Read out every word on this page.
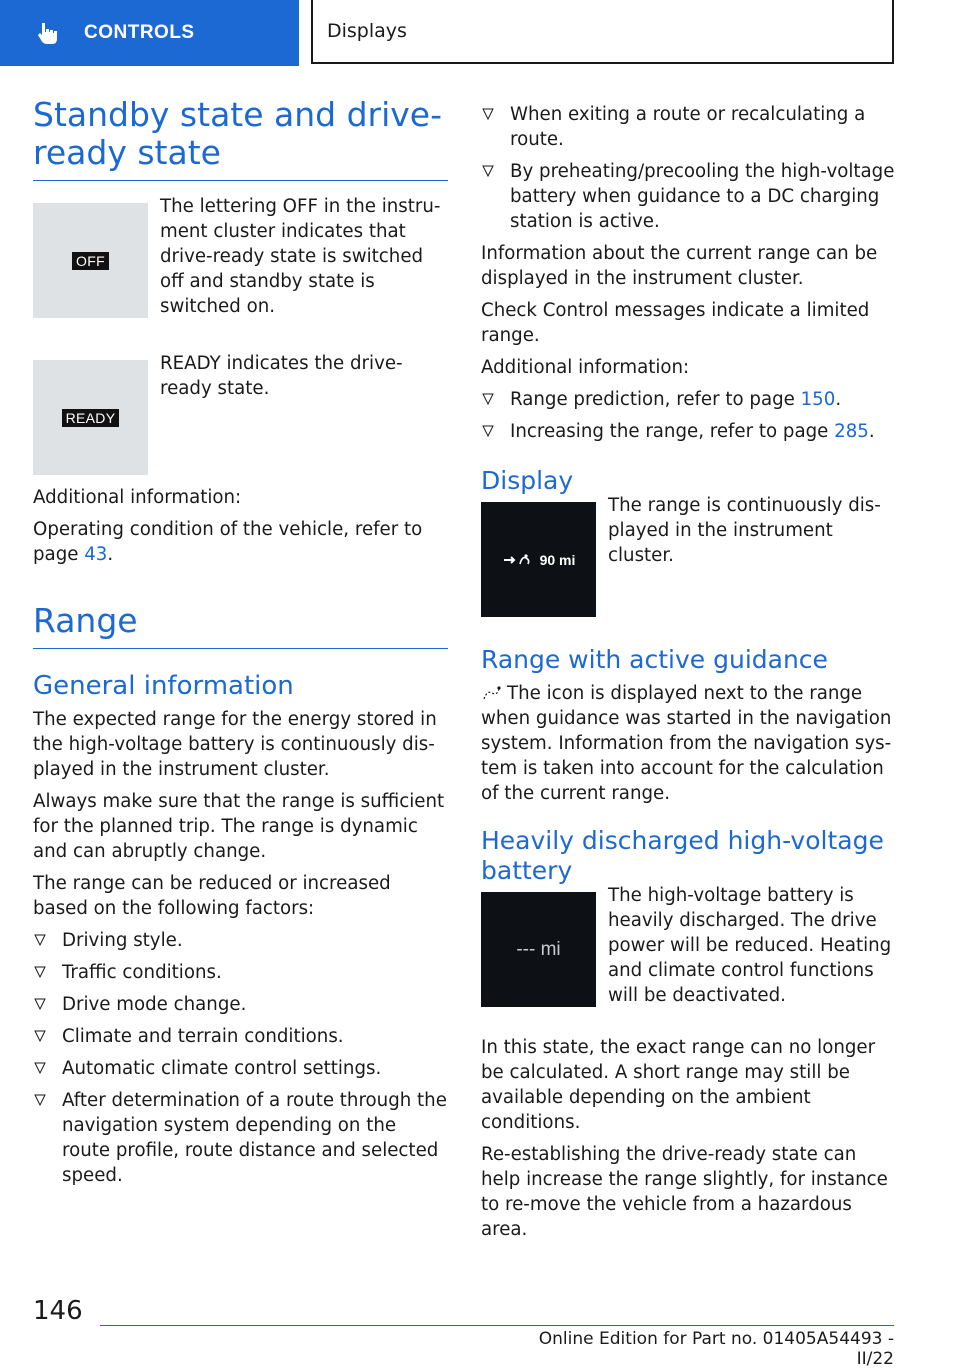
CONTROLS	Displays
Standby state and drive-ready state
OFF

The lettering OFF in the instru-ment cluster indicates that drive-ready state is switched off and standby state is switched on.

READY

READY indicates the drive-ready state.

Additional information:

Operating condition of the vehicle, refer to page 43.

Range
General information

The expected range for the energy stored in the high-voltage battery is continuously dis-played in the instrument cluster.

Always make sure that the range is sufficient for the planned trip. The range is dynamic and can abruptly change.

The range can be reduced or increased based on the following factors:

Driving style.
Traffic conditions.
Drive mode change.
Climate and terrain conditions.
Automatic climate control settings.
After determination of a route through the navigation system depending on the route profile, route distance and selected speed.
When exiting a route or recalculating a route.
By preheating/precooling the high-voltage battery when guidance to a DC charging station is active.

Information about the current range can be displayed in the instrument cluster.

Check Control messages indicate a limited range.

Additional information:

Range prediction, refer to page 150.
Increasing the range, refer to page 285.
Display
90 mi

The range is continuously dis-played in the instrument cluster.

Range with active guidance

The icon is displayed next to the range when guidance was started in the navigation system. Information from the navigation sys-tem is taken into account for the calculation of the current range.

Heavily discharged high-voltage battery
--- mi

The high-voltage battery is heavily discharged. The drive power will be reduced. Heating and climate control functions will be deactivated.

In this state, the exact range can no longer be calculated. A short range may still be available depending on the ambient conditions.

Re-establishing the drive-ready state can help increase the range slightly, for instance to re-move the vehicle from a hazardous area.

146
Online Edition for Part no. 01405A54493 - II/22
